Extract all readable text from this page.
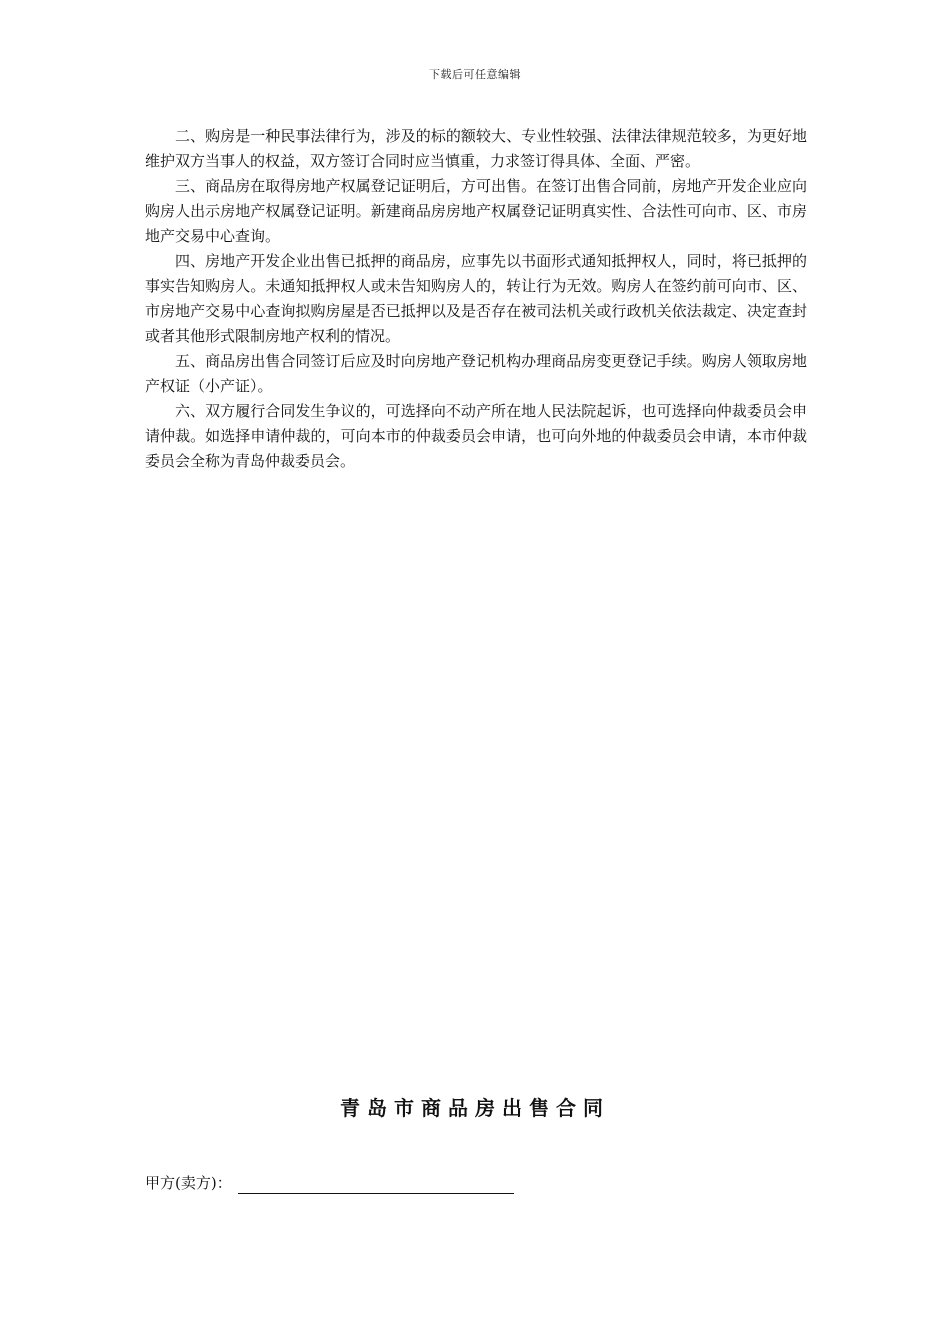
下载后可任意编辑

二、购房是一种民事法律行为，涉及的标的额较大、专业性较强、法律法律规范较多，为更好地维护双方当事人的权益，双方签订合同时应当慎重，力求签订得具体、全面、严密。

三、商品房在取得房地产权属登记证明后，方可出售。在签订出售合同前，房地产开发企业应向购房人出示房地产权属登记证明。新建商品房房地产权属登记证明真实性、合法性可向市、区、市房地产交易中心查询。

四、房地产开发企业出售已抵押的商品房，应事先以书面形式通知抵押权人，同时，将已抵押的事实告知购房人。未通知抵押权人或未告知购房人的，转让行为无效。购房人在签约前可向市、区、市房地产交易中心查询拟购房屋是否已抵押以及是否存在被司法机关或行政机关依法裁定、决定查封或者其他形式限制房地产权利的情况。

五、商品房出售合同签订后应及时向房地产登记机构办理商品房变更登记手续。购房人领取房地产权证（小产证）。

六、双方履行合同发生争议的，可选择向不动产所在地人民法院起诉，也可选择向仲裁委员会申请仲裁。如选择申请仲裁的，可向本市的仲裁委员会申请，也可向外地的仲裁委员会申请，本市仲裁委员会全称为青岛仲裁委员会。

青岛市商品房出售合同
甲方(卖方)：
